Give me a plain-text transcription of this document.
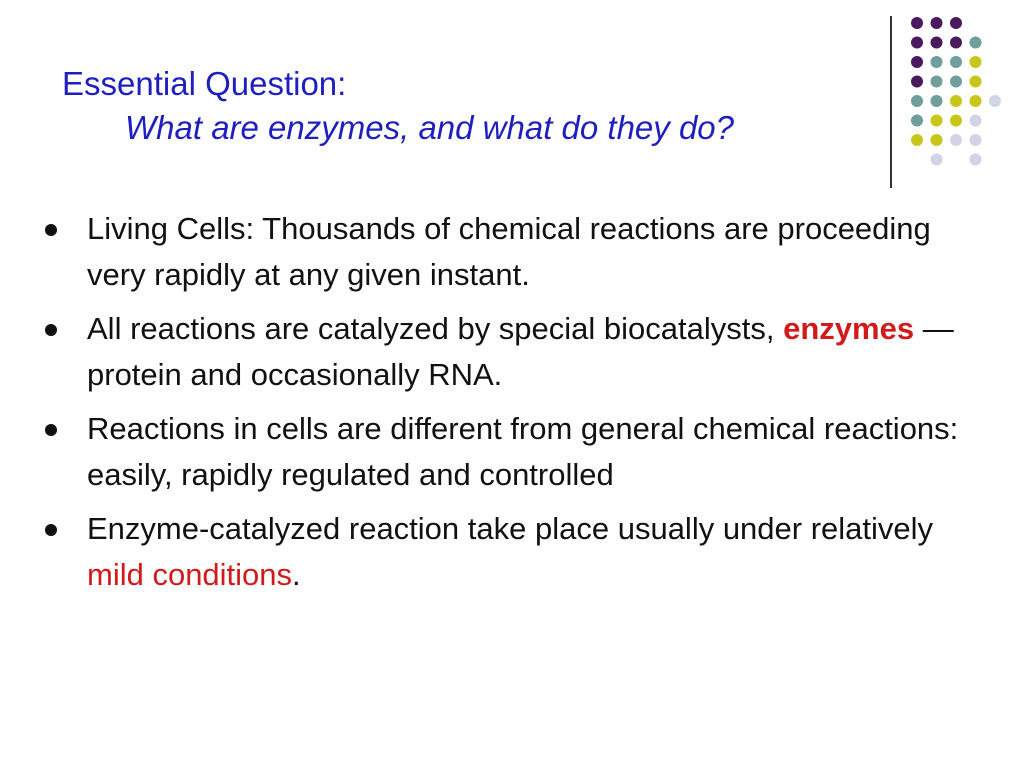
Essential Question:
What are enzymes, and what do they do?
Living Cells: Thousands of chemical reactions are proceeding very rapidly at any given instant.
All reactions are catalyzed by special biocatalysts, enzymes —protein and occasionally RNA.
Reactions in cells are different from general chemical reactions: easily, rapidly regulated and controlled
Enzyme-catalyzed reaction take place usually under relatively mild conditions.
